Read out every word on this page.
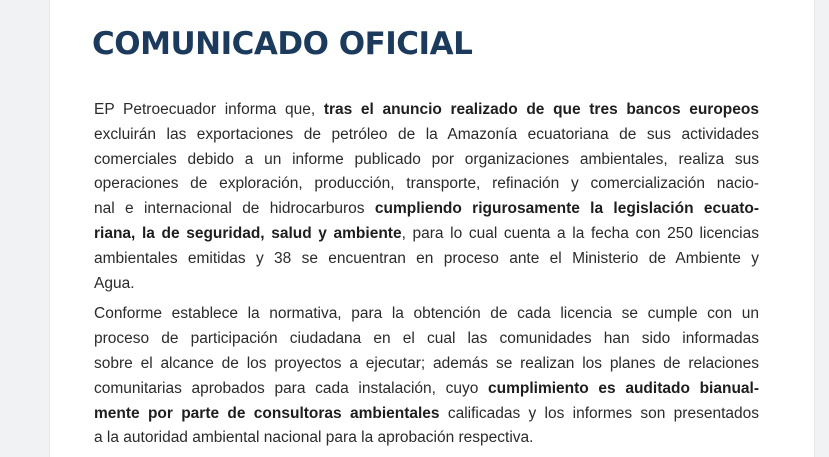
COMUNICADO OFICIAL

EP Petroecuador informa que, tras el anuncio realizado de que tres bancos europeos
excluirán las exportaciones de petróleo de la Amazonía ecuatoriana de sus actividades
comerciales debido a un informe publicado por organizaciones ambientales, realiza sus
operaciones de exploración, producción, transporte, refinación y comercialización nacio-
nal e internacional de hidrocarburos cumpliendo rigurosamente la legislación ecuato-
riana, la de seguridad, salud y ambiente, para lo cual cuenta a la fecha con 250 licencias
ambientales emitidas y 38 se encuentran en proceso ante el Ministerio de Ambiente y
Agua.

Conforme establece la normativa, para la obtención de cada licencia se cumple con un
proceso de participación ciudadana en el cual las comunidades han sido informadas
sobre el alcance de los proyectos a ejecutar; además se realizan los planes de relaciones
comunitarias aprobados para cada instalación, cuyo cumplimiento es auditado bianual-
mente por parte de consultoras ambientales calificadas y los informes son presentados
a la autoridad ambiental nacional para la aprobación respectiva.
